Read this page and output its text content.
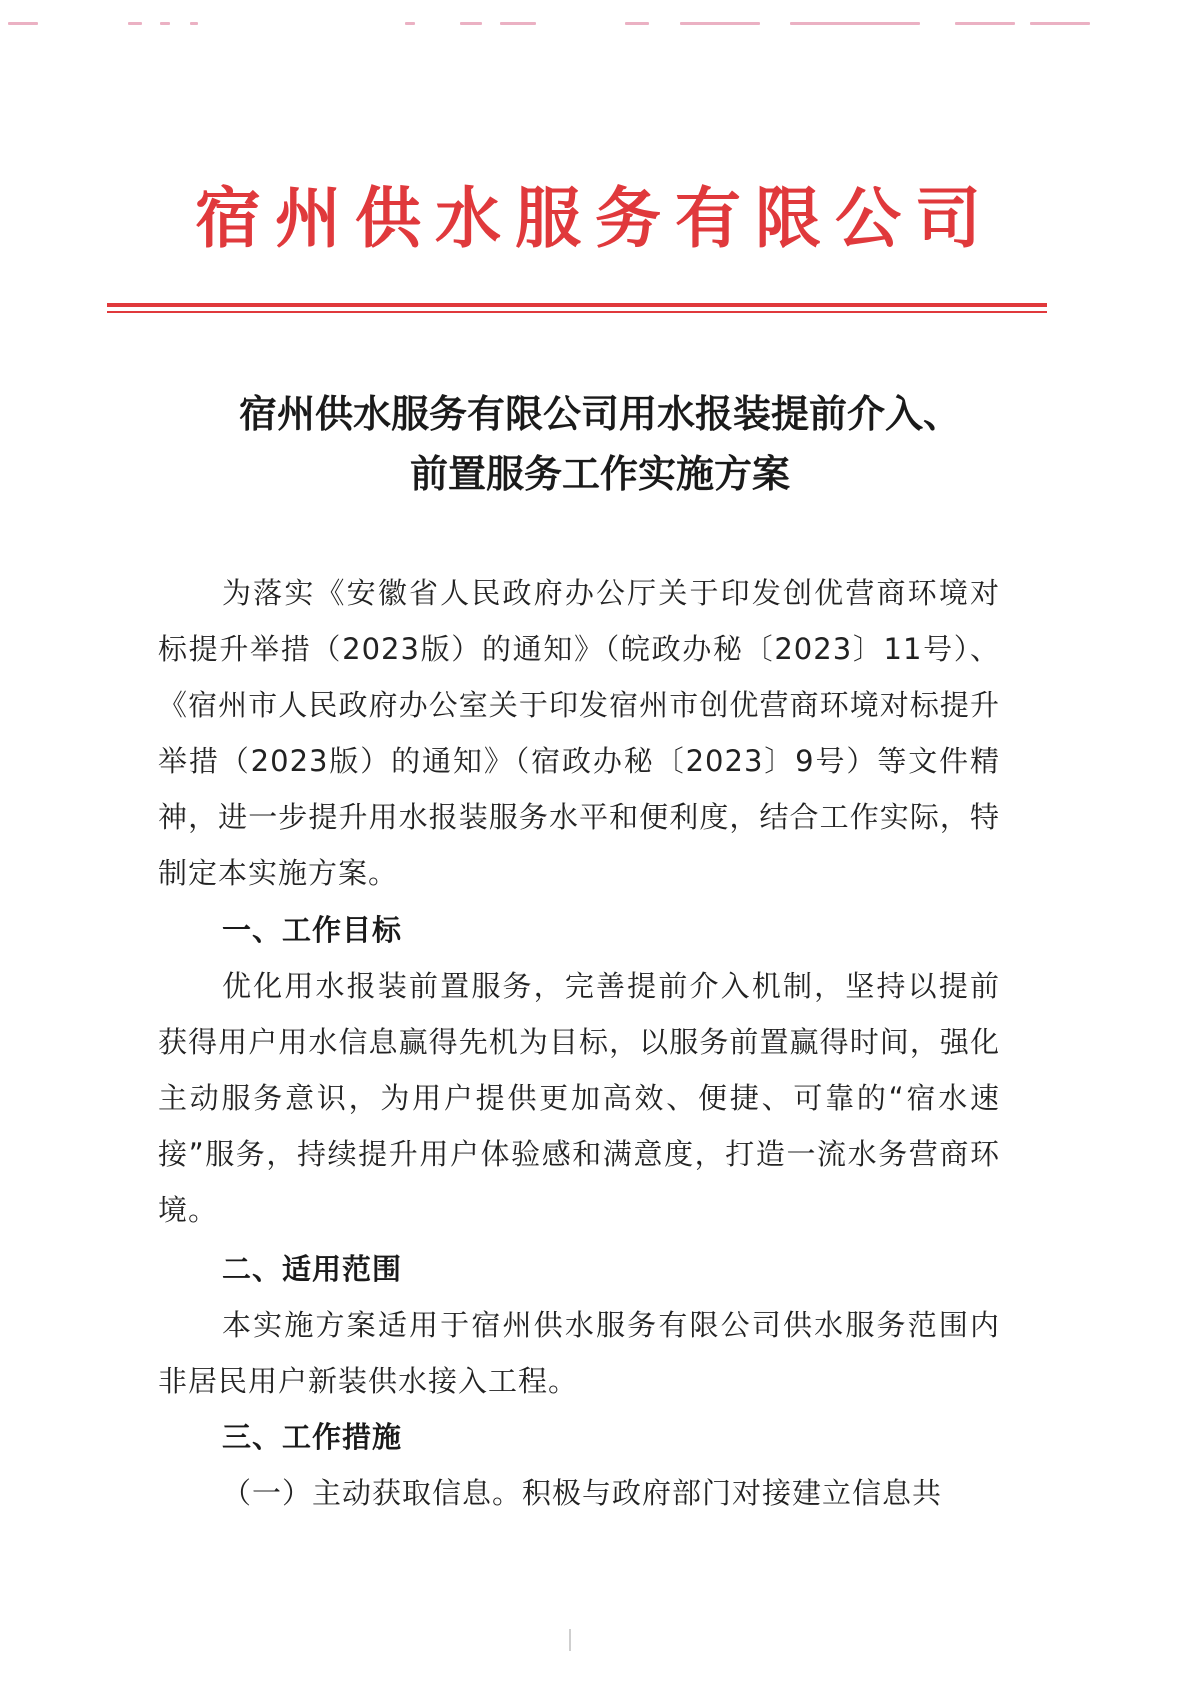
宿州供水服务有限公司
宿州供水服务有限公司用水报装提前介入、
前置服务工作实施方案
为落实《安徽省人民政府办公厅关于印发创优营商环境对标提升举措（2023版）的通知》（皖政办秘〔2023〕11号）、《宿州市人民政府办公室关于印发宿州市创优营商环境对标提升举措（2023版）的通知》（宿政办秘〔2023〕9号）等文件精神，进一步提升用水报装服务水平和便利度，结合工作实际，特制定本实施方案。
一、工作目标
优化用水报装前置服务，完善提前介入机制，坚持以提前获得用户用水信息赢得先机为目标，以服务前置赢得时间，强化主动服务意识，为用户提供更加高效、便捷、可靠的“宿水速接”服务，持续提升用户体验感和满意度，打造一流水务营商环境。
二、适用范围
本实施方案适用于宿州供水服务有限公司供水服务范围内非居民用户新装供水接入工程。
三、工作措施
（一）主动获取信息。积极与政府部门对接建立信息共
